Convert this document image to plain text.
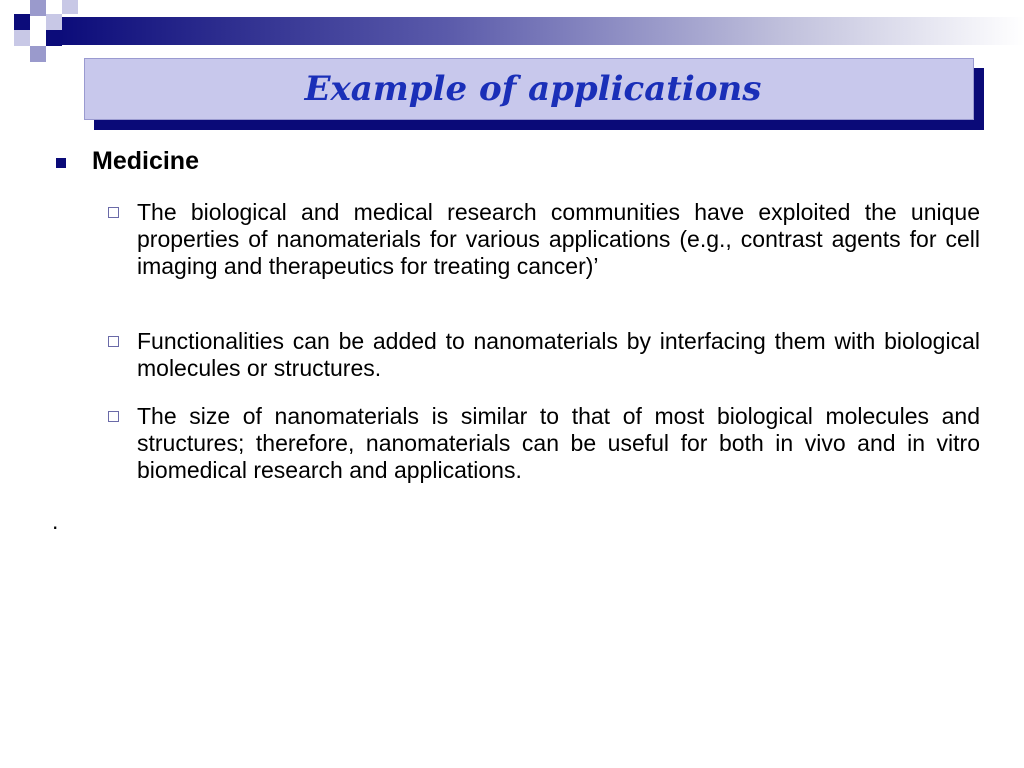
Example of applications
Medicine
The biological and medical research communities have exploited the unique properties of nanomaterials for various applications (e.g., contrast agents for cell imaging and therapeutics for treating cancer)’
Functionalities can be added to nanomaterials by interfacing them with biological molecules or structures.
The size of nanomaterials is similar to that of most biological molecules and structures; therefore, nanomaterials can be useful for both in vivo and in vitro biomedical research and applications.
.
